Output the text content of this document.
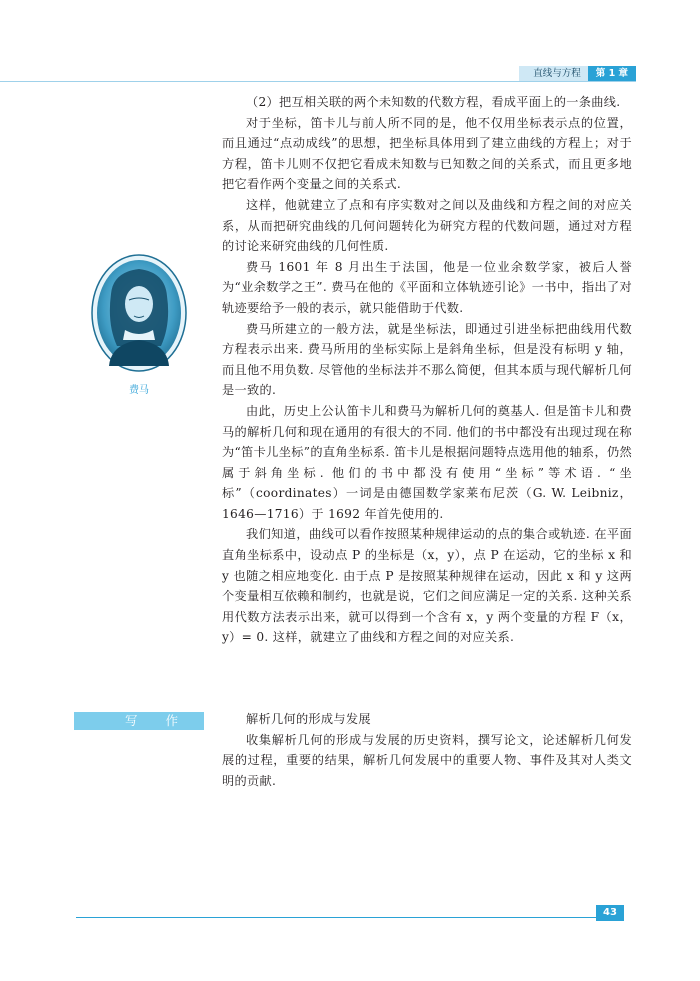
直线与方程	第 1 章

（2）把互相关联的两个未知数的代数方程，看成平面上的一条曲线.

对于坐标，笛卡儿与前人所不同的是，他不仅用坐标表示点的位置，而且通过“点动成线”的思想，把坐标具体用到了建立曲线的方程上；对于方程，笛卡儿则不仅把它看成未知数与已知数之间的关系式，而且更多地把它看作两个变量之间的关系式.

这样，他就建立了点和有序实数对之间以及曲线和方程之间的对应关系，从而把研究曲线的几何问题转化为研究方程的代数问题，通过对方程的讨论来研究曲线的几何性质.

费马 1601 年 8 月出生于法国，他是一位业余数学家，被后人誉为“业余数学之王”. 费马在他的《平面和立体轨迹引论》一书中，指出了对轨迹要给予一般的表示，就只能借助于代数.

费马所建立的一般方法，就是坐标法，即通过引进坐标把曲线用代数方程表示出来. 费马所用的坐标实际上是斜角坐标，但是没有标明 y 轴，而且他不用负数. 尽管他的坐标法并不那么简便，但其本质与现代解析几何是一致的.

由此，历史上公认笛卡儿和费马为解析几何的奠基人. 但是笛卡儿和费马的解析几何和现在通用的有很大的不同. 他们的书中都没有出现过现在称为“笛卡儿坐标”的直角坐标系. 笛卡儿是根据问题特点选用他的轴系，仍然属于斜角坐标. 他们的书中都没有使用“坐标”等术语. “坐标”（coordinates）一词是由德国数学家莱布尼茨（G. W. Leibniz，1646—1716）于 1692 年首先使用的.

我们知道，曲线可以看作按照某种规律运动的点的集合或轨迹. 在平面直角坐标系中，设动点 P 的坐标是（x，y），点 P 在运动，它的坐标 x 和 y 也随之相应地变化. 由于点 P 是按照某种规律在运动，因此 x 和 y 这两个变量相互依赖和制约，也就是说，它们之间应满足一定的关系. 这种关系用代数方法表示出来，就可以得到一个含有 x，y 两个变量的方程 F（x，y）= 0. 这样，就建立了曲线和方程之间的对应关系.

费马
写 作	解析几何的形成与发展

收集解析几何的形成与发展的历史资料，撰写论文，论述解析几何发展的过程，重要的结果，解析几何发展中的重要人物、事件及其对人类文明的贡献.

43
